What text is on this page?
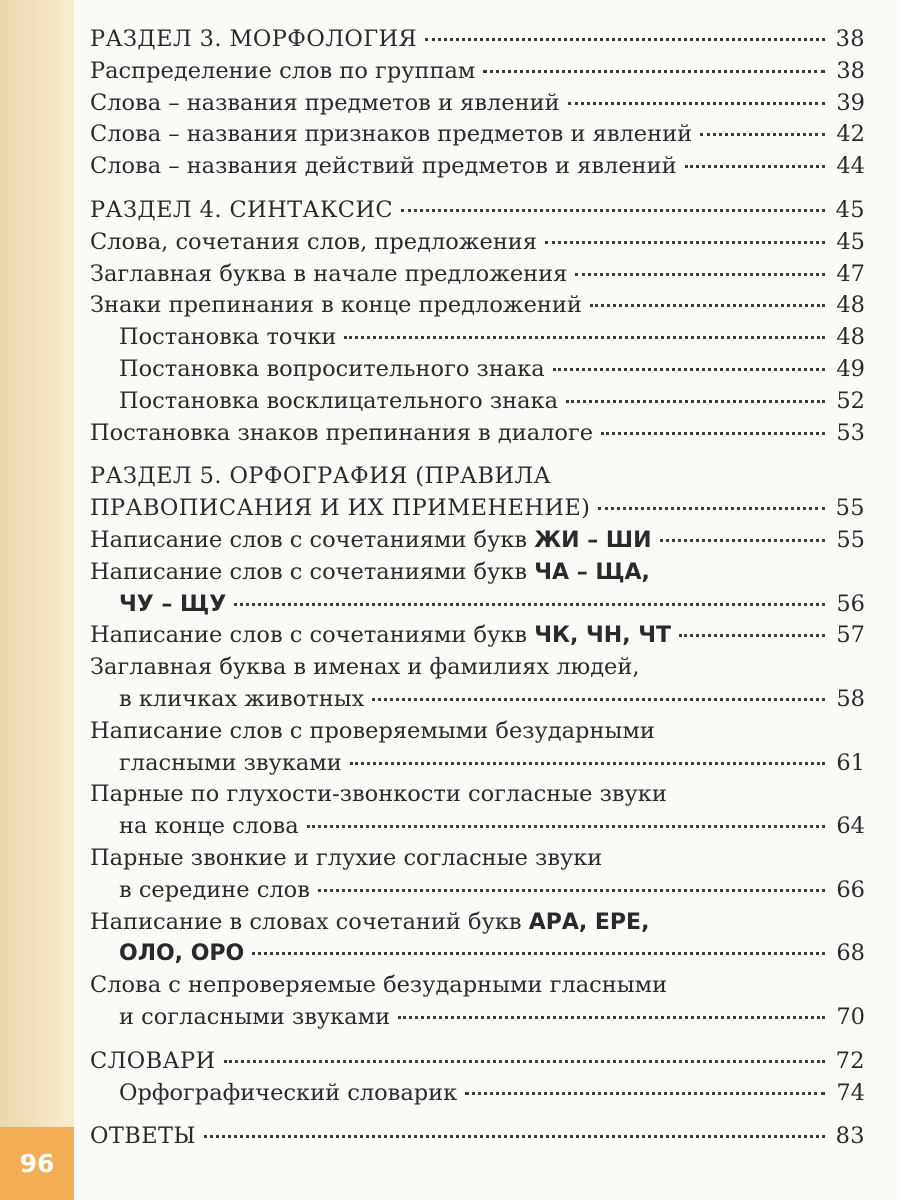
96
РАЗДЕЛ 3. МОРФОЛОГИЯ	38
Распределение слов по группам	38
Слова – названия предметов и явлений	39
Слова – названия признаков предметов и явлений	42
Слова – названия действий предметов и явлений	44
РАЗДЕЛ 4. СИНТАКСИС	45
Слова, сочетания слов, предложения	45
Заглавная буква в начале предложения	47
Знаки препинания в конце предложений	48
Постановка точки	48
Постановка вопросительного знака	49
Постановка восклицательного знака	52
Постановка знаков препинания в диалоге	53
РАЗДЕЛ 5. ОРФОГРАФИЯ (ПРАВИЛА
ПРАВОПИСАНИЯ И ИХ ПРИМЕНЕНИЕ)	55
Написание слов с сочетаниями букв ЖИ – ШИ	55
Написание слов с сочетаниями букв ЧА – ЩА,
ЧУ – ЩУ	56
Написание слов с сочетаниями букв ЧК, ЧН, ЧТ	57
Заглавная буква в именах и фамилиях людей,
в кличках животных	58
Написание слов с проверяемыми безударными
гласными звуками	61
Парные по глухости-звонкости согласные звуки
на конце слова	64
Парные звонкие и глухие согласные звуки
в середине слов	66
Написание в словах сочетаний букв АРА, ЕРЕ,
ОЛО, ОРО	68
Слова с непроверяемые безударными гласными
и согласными звуками	70
СЛОВАРИ	72
Орфографический словарик	74
ОТВЕТЫ	83
